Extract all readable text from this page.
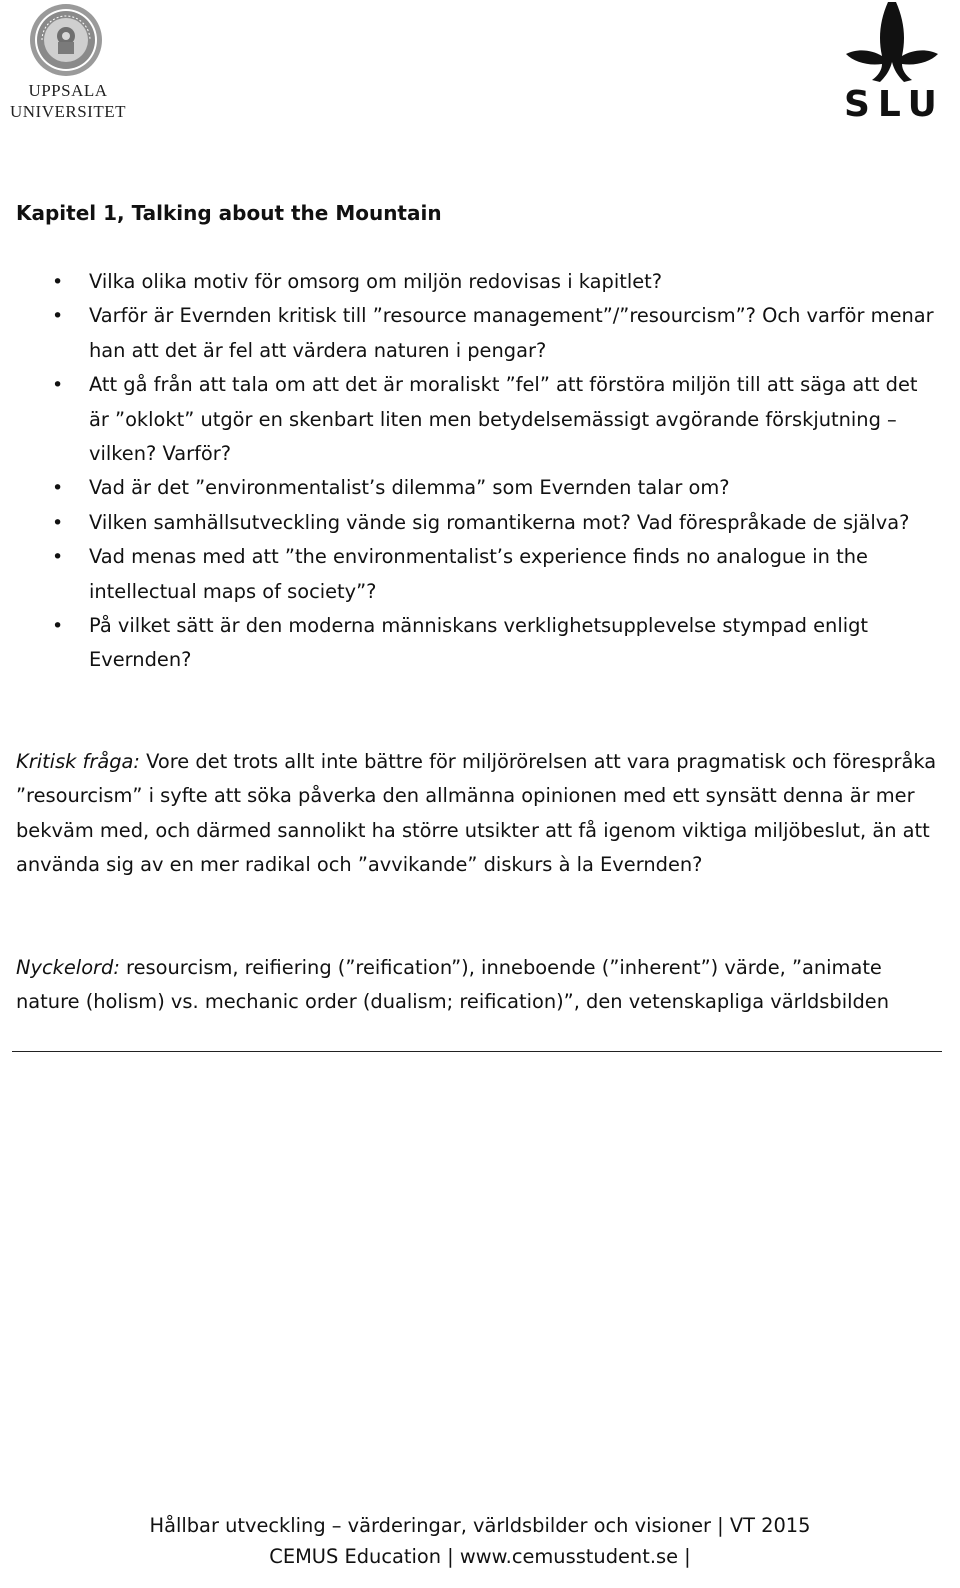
UPPSALA
UNIVERSITET	SLU
Kapitel 1, Talking about the Mountain
• Vilka olika motiv för omsorg om miljön redovisas i kapitlet?
• Varför är Evernden kritisk till ”resource management”/”resourcism”? Och varför menar han att det är fel att värdera naturen i pengar?
• Att gå från att tala om att det är moraliskt ”fel” att förstöra miljön till att säga att det är ”oklokt” utgör en skenbart liten men betydelsemässigt avgörande förskjutning – vilken? Varför?
• Vad är det ”environmentalist’s dilemma” som Evernden talar om?
• Vilken samhällsutveckling vände sig romantikerna mot? Vad förespråkade de själva?
• Vad menas med att ”the environmentalist’s experience finds no analogue in the intellectual maps of society”?
• På vilket sätt är den moderna människans verklighetsupplevelse stympad enligt Evernden?

Kritisk fråga: Vore det trots allt inte bättre för miljörörelsen att vara pragmatisk och förespråka ”resourcism” i syfte att söka påverka den allmänna opinionen med ett synsätt denna är mer bekväm med, och därmed sannolikt ha större utsikter att få igenom viktiga miljöbeslut, än att använda sig av en mer radikal och ”avvikande” diskurs à la Evernden?

Nyckelord: resourcism, reifiering (”reification”), inneboende (”inherent”) värde, ”animate nature (holism) vs. mechanic order (dualism; reification)”, den vetenskapliga världsbilden

Hållbar utveckling – värderingar, världsbilder och visioner | VT 2015

CEMUS Education | www.cemusstudent.se |
